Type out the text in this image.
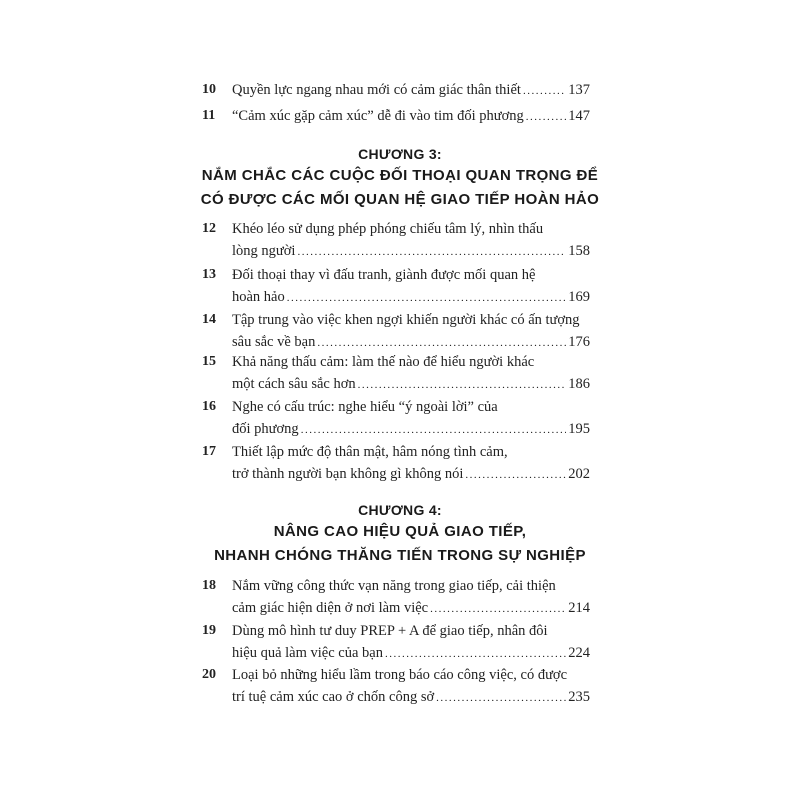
10 Quyền lực ngang nhau mới có cảm giác thân thiết .....	137
11 “Cảm xúc gặp cảm xúc” dễ đi vào tim đối phương .....	147
CHƯƠNG 3:
NẮM CHẮC CÁC CUỘC ĐỐI THOẠI QUAN TRỌNG ĐỂ
CÓ ĐƯỢC CÁC MỐI QUAN HỆ GIAO TIẾP HOÀN HẢO
12 Khéo léo sử dụng phép phóng chiếu tâm lý, nhìn thấu
lòng người .....	158
13 Đối thoại thay vì đấu tranh, giành được mối quan hệ
hoàn hảo .....	169
14 Tập trung vào việc khen ngợi khiến người khác có ấn tượng
sâu sắc về bạn .....	176
15 Khả năng thấu cảm: làm thế nào để hiểu người khác
một cách sâu sắc hơn .....	186
16 Nghe có cấu trúc: nghe hiểu “ý ngoài lời” của
đối phương .....	195
17 Thiết lập mức độ thân mật, hâm nóng tình cảm,
trở thành người bạn không gì không nói .....	202
CHƯƠNG 4:
NÂNG CAO HIỆU QUẢ GIAO TIẾP,
NHANH CHÓNG THĂNG TIẾN TRONG SỰ NGHIỆP
18 Nắm vững công thức vạn năng trong giao tiếp, cải thiện
cảm giác hiện diện ở nơi làm việc .....	214
19 Dùng mô hình tư duy PREP + A để giao tiếp, nhân đôi
hiệu quả làm việc của bạn .....	224
20 Loại bỏ những hiểu lầm trong báo cáo công việc, có được
trí tuệ cảm xúc cao ở chốn công sở .....	235
